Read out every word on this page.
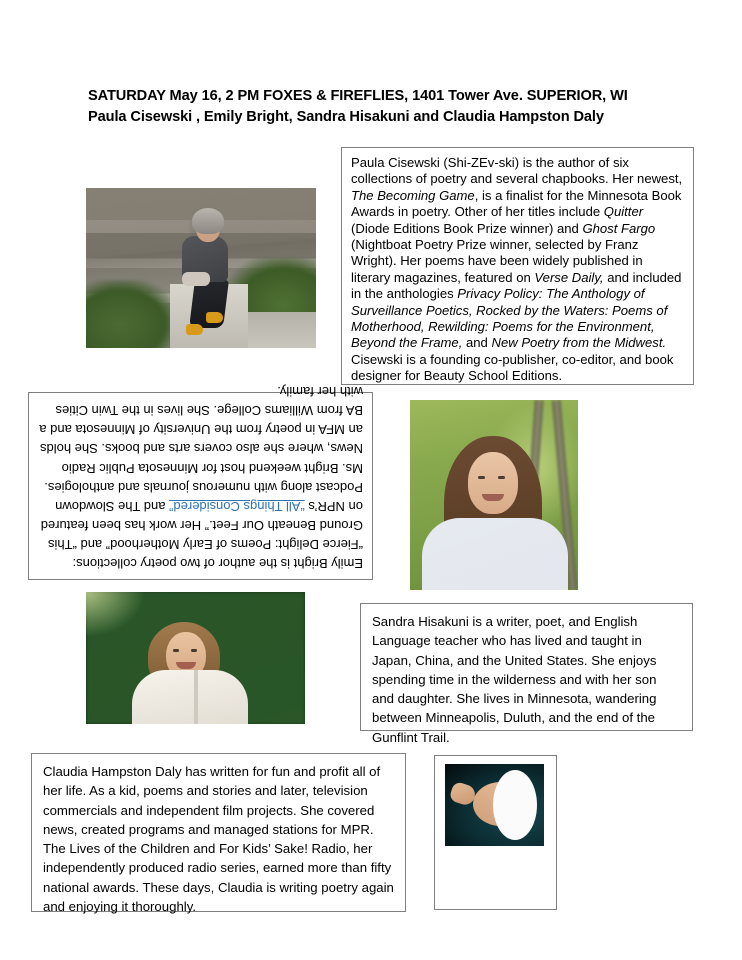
SATURDAY May 16, 2 PM FOXES & FIREFLIES, 1401 Tower Ave. SUPERIOR, WI
Paula Cisewski , Emily Bright, Sandra Hisakuni and Claudia Hampston Daly
Paula Cisewski (Shi-ZEv-ski) is the author of six collections of poetry and several chapbooks. Her newest, The Becoming Game, is a finalist for the Minnesota Book Awards in poetry. Other of her titles include Quitter (Diode Editions Book Prize winner) and Ghost Fargo (Nightboat Poetry Prize winner, selected by Franz Wright). Her poems have been widely published in literary magazines, featured on Verse Daily, and included in the anthologies Privacy Policy: The Anthology of Surveillance Poetics, Rocked by the Waters: Poems of Motherhood, Rewilding: Poems for the Environment, Beyond the Frame, and New Poetry from the Midwest. Cisewski is a founding co-publisher, co-editor, and book designer for Beauty School Editions.
Emily Bright is the author of two poetry collections: “Fierce Delight: Poems of Early Motherhood” and “This Ground Beneath Our Feet.” Her work has been featured on NPR’s “All Things Considered” and The Slowdown Podcast along with numerous journals and anthologies. Ms. Bright weekend host for Minnesota Public Radio News, where she also covers arts and books. She holds an MFA in poetry from the University of Minnesota and a BA from Williams College. She lives in the Twin Cities with her family.
Sandra Hisakuni is a writer, poet, and English Language teacher who has lived and taught in Japan, China, and the United States. She enjoys spending time in the wilderness and with her son and daughter. She lives in Minnesota, wandering between Minneapolis, Duluth, and the end of the Gunflint Trail.
Claudia Hampston Daly has written for fun and profit all of her life. As a kid, poems and stories and later, television commercials and independent film projects. She covered news, created programs and managed stations for MPR. The Lives of the Children and For Kids’ Sake! Radio, her independently produced radio series, earned more than fifty national awards. These days, Claudia is writing poetry again and enjoying it thoroughly.
